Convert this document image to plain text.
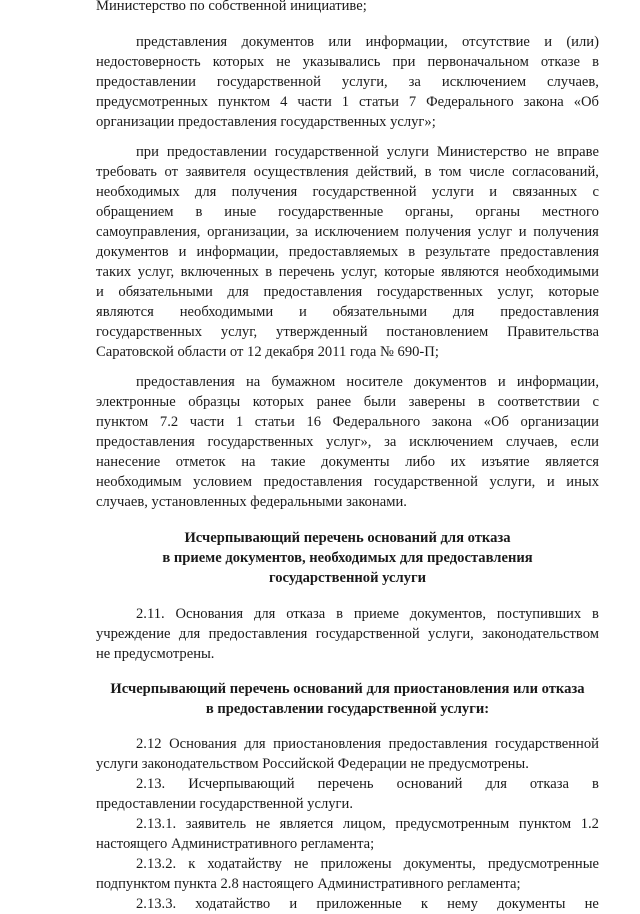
Министерство по собственной инициативе;
представления документов или информации, отсутствие и (или)
недостоверность которых не указывались при первоначальном отказе в
предоставлении государственной услуги, за исключением случаев,
предусмотренных пунктом 4 части 1 статьи 7 Федерального закона «Об
организации предоставления государственных услуг»;
при предоставлении государственной услуги Министерство не вправе
требовать от заявителя осуществления действий, в том числе согласований,
необходимых для получения государственной услуги и связанных с
обращением в иные государственные органы, органы местного
самоуправления, организации, за исключением получения услуг и получения
документов и информации, предоставляемых в результате предоставления
таких услуг, включенных в перечень услуг, которые являются необходимыми
и обязательными для предоставления государственных услуг, которые
являются необходимыми и обязательными для предоставления
государственных услуг, утвержденный постановлением Правительства
Саратовской области от 12 декабря 2011 года № 690-П;
предоставления на бумажном носителе документов и информации,
электронные образцы которых ранее были заверены в соответствии с
пунктом 7.2 части 1 статьи 16 Федерального закона «Об организации
предоставления государственных услуг», за исключением случаев, если
нанесение отметок на такие документы либо их изъятие является
необходимым условием предоставления государственной услуги, и иных
случаев, установленных федеральными законами.
Исчерпывающий перечень оснований для отказа
в приеме документов, необходимых для предоставления
государственной услуги
2.11. Основания для отказа в приеме документов, поступивших в
учреждение для предоставления государственной услуги, законодательством
не предусмотрены.
Исчерпывающий перечень оснований для приостановления или отказа
в предоставлении государственной услуги:
2.12 Основания для приостановления предоставления государственной
услуги законодательством Российской Федерации не предусмотрены.
2.13. Исчерпывающий перечень оснований для отказа в
предоставлении государственной услуги.
2.13.1. заявитель не является лицом, предусмотренным пунктом 1.2
настоящего Административного регламента;
2.13.2. к ходатайству не приложены документы, предусмотренные
подпунктом пункта 2.8 настоящего Административного регламента;
2.13.3. ходатайство и приложенные к нему документы не
